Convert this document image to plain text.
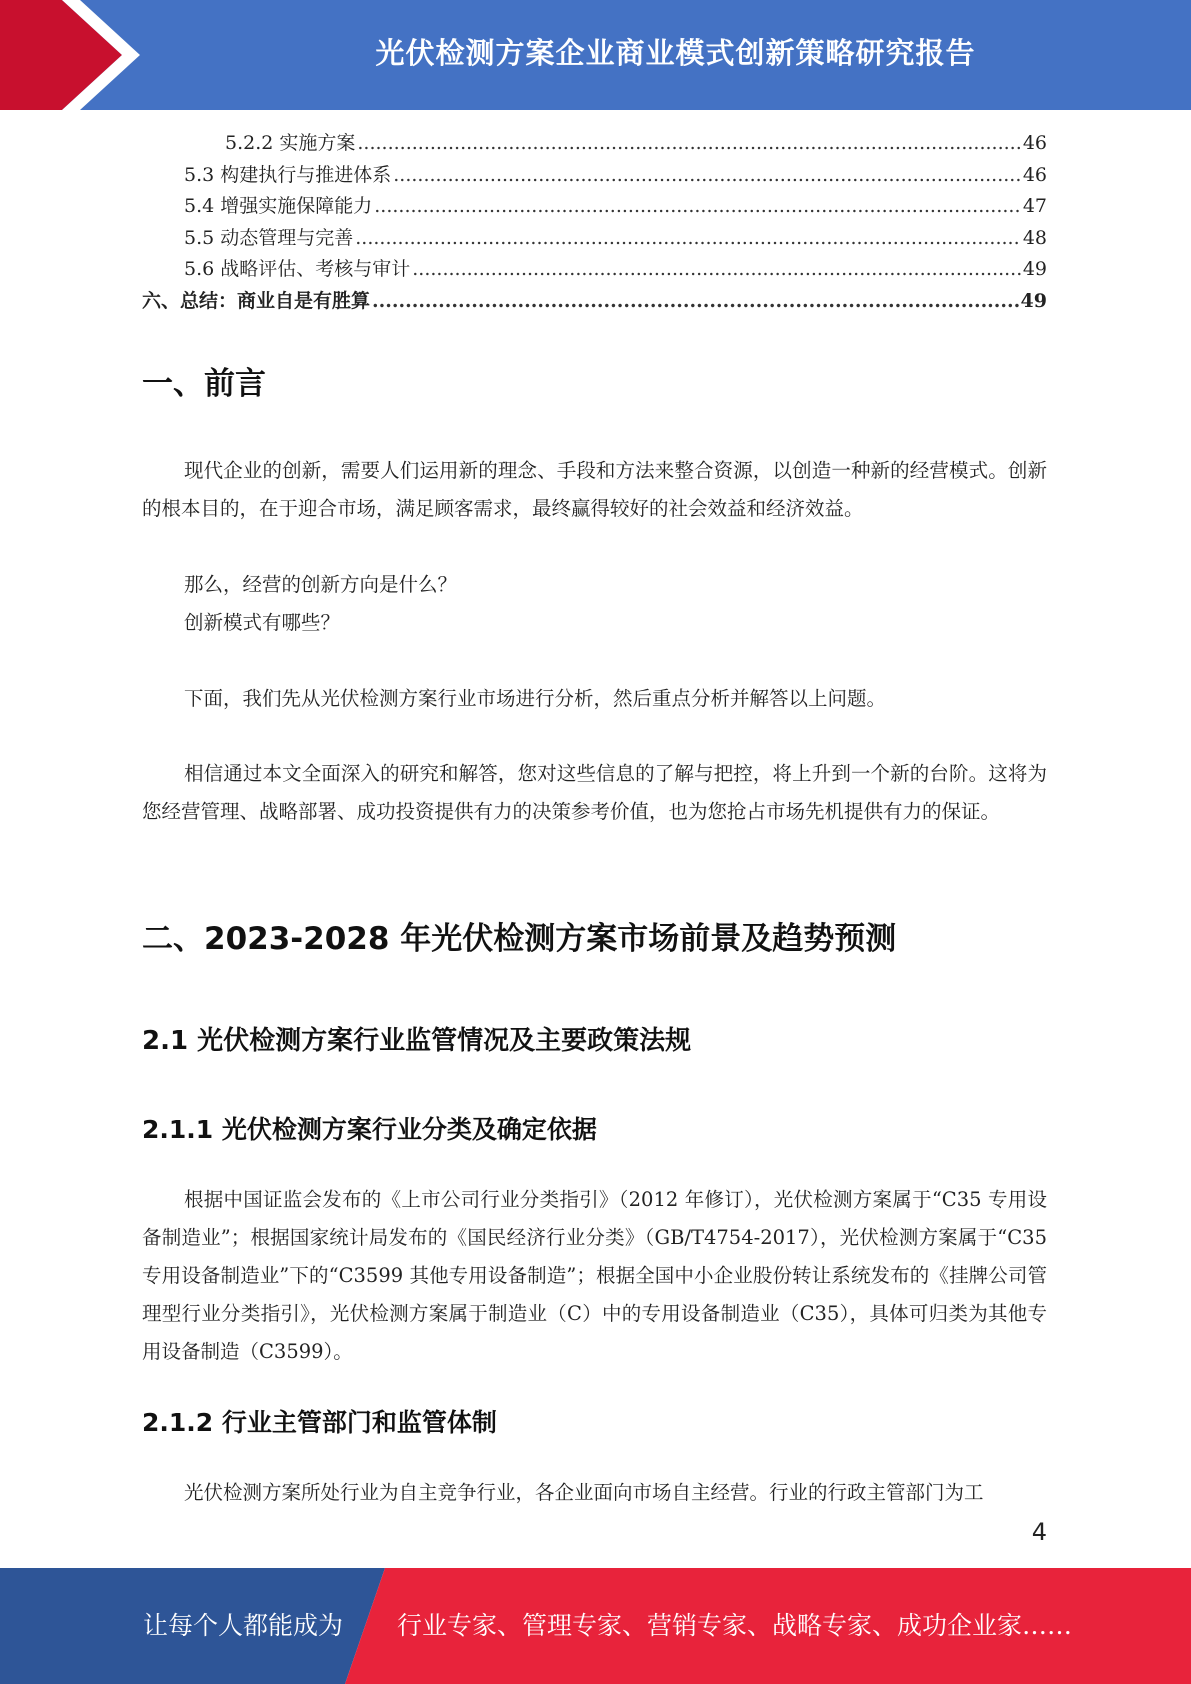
光伏检测方案企业商业模式创新策略研究报告
5.2.2 实施方案 .....	46
5.3 构建执行与推进体系 .....	46
5.4 增强实施保障能力 .....	47
5.5 动态管理与完善 .....	48
5.6 战略评估、考核与审计 .....	49
六、总结：商业自是有胜算 .....	49
一、前言
现代企业的创新，需要人们运用新的理念、手段和方法来整合资源，以创造一种新的经营模式。创新的根本目的，在于迎合市场，满足顾客需求，最终赢得较好的社会效益和经济效益。
那么，经营的创新方向是什么？
创新模式有哪些？
下面，我们先从光伏检测方案行业市场进行分析，然后重点分析并解答以上问题。
相信通过本文全面深入的研究和解答，您对这些信息的了解与把控，将上升到一个新的台阶。这将为您经营管理、战略部署、成功投资提供有力的决策参考价值，也为您抢占市场先机提供有力的保证。
二、2023-2028 年光伏检测方案市场前景及趋势预测
2.1 光伏检测方案行业监管情况及主要政策法规
2.1.1 光伏检测方案行业分类及确定依据
根据中国证监会发布的《上市公司行业分类指引》（2012 年修订），光伏检测方案属于“C35 专用设备制造业”；根据国家统计局发布的《国民经济行业分类》（GB/T4754-2017），光伏检测方案属于“C35 专用设备制造业”下的“C3599 其他专用设备制造”；根据全国中小企业股份转让系统发布的《挂牌公司管理型行业分类指引》，光伏检测方案属于制造业（C）中的专用设备制造业（C35），具体可归类为其他专用设备制造（C3599）。
2.1.2 行业主管部门和监管体制
光伏检测方案所处行业为自主竞争行业，各企业面向市场自主经营。行业的行政主管部门为工
4
让每个人都能成为 行业专家、管理专家、营销专家、战略专家、成功企业家……
